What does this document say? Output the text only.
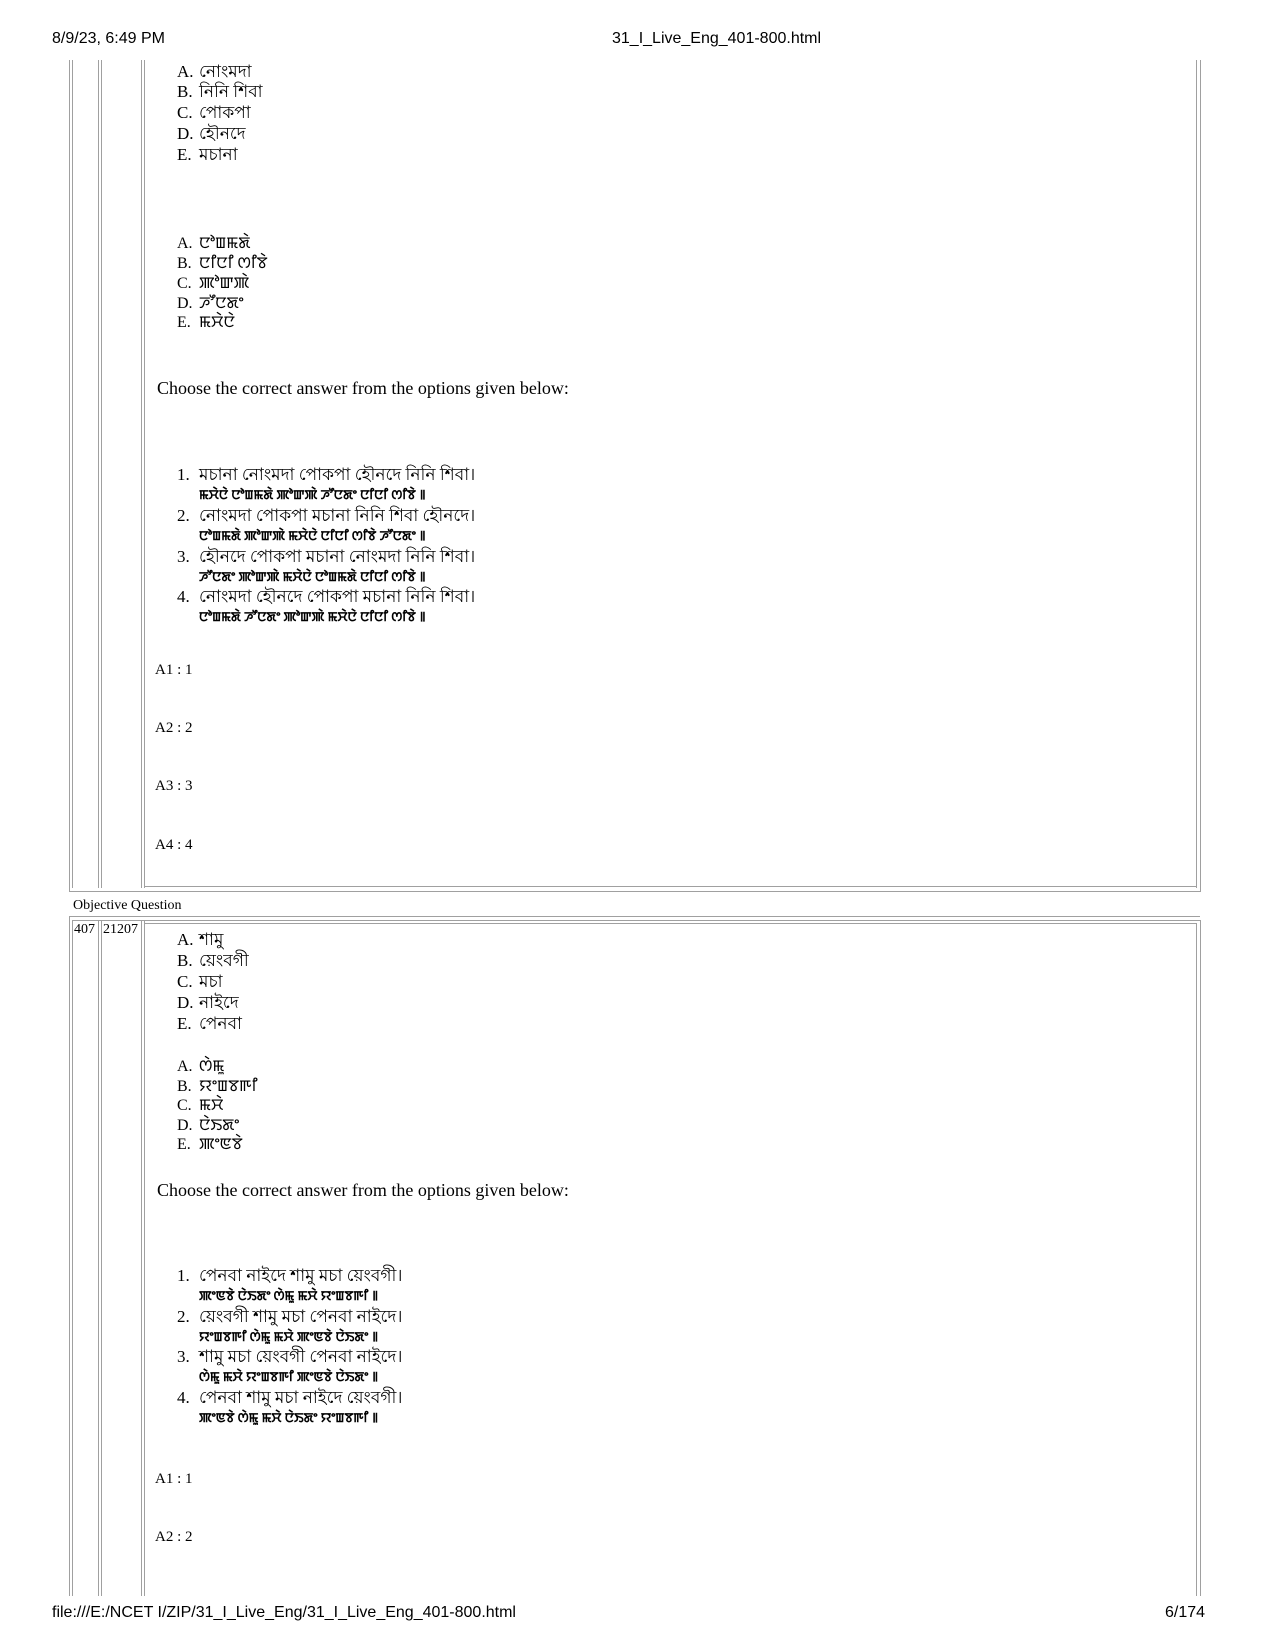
8/9/23, 6:49 PM	31_I_Live_Eng_401-800.html
file:///E:/NCET I/ZIP/31_I_Live_Eng/31_I_Live_Eng_401-800.html	6/174
A. নোংমদা
B. নিনি শিবা
C. পোকপা
D. হৌনদে
E. মচানা
A. ꯅꯣꯡꯃꯗꯥ
B. ꯅꯤꯅꯤ ꯁꯤꯕꯥ
C. ꯄꯣꯛꯄꯥ
D. ꯍꯧꯅꯗꯦ
E. ꯃꯆꯥꯅꯥ
Choose the correct answer from the options given below:
1. মচানা নোংমদা পোকপা হৌনদে নিনি শিবা।
ꯃꯆꯥꯅꯥ ꯅꯣꯡꯃꯗꯥ ꯄꯣꯛꯄꯥ ꯍꯧꯅꯗꯦ ꯅꯤꯅꯤ ꯁꯤꯕꯥ ꯫
2. নোংমদা পোকপা মচানা নিনি শিবা হৌনদে।
ꯅꯣꯡꯃꯗꯥ ꯄꯣꯛꯄꯥ ꯃꯆꯥꯅꯥ ꯅꯤꯅꯤ ꯁꯤꯕꯥ ꯍꯧꯅꯗꯦ ꯫
3. হৌনদে পোকপা মচানা নোংমদা নিনি শিবা।
ꯍꯧꯅꯗꯦ ꯄꯣꯛꯄꯥ ꯃꯆꯥꯅꯥ ꯅꯣꯡꯃꯗꯥ ꯅꯤꯅꯤ ꯁꯤꯕꯥ ꯫
4. নোংমদা হৌনদে পোকপা মচানা নিনি শিবা।
ꯅꯣꯡꯃꯗꯥ ꯍꯧꯅꯗꯦ ꯄꯣꯛꯄꯥ ꯃꯆꯥꯅꯥ ꯅꯤꯅꯤ ꯁꯤꯕꯥ ꯫
A1 : 1
A2 : 2
A3 : 3
A4 : 4
Objective Question
407 21207
A. শামু
B. য়েংবগী
C. মচা
D. নাইদে
E. পেনবা
A. ꯁꯥꯃꯨ
B. ꯌꯦꯡꯕꯒꯤ
C. ꯃꯆꯥ
D. ꯅꯥꯏꯗꯦ
E. ꯄꯦꯟꯕꯥ
Choose the correct answer from the options given below:
1. পেনবা নাইদে শামু মচা য়েংবগী।
ꯄꯦꯟꯕꯥ ꯅꯥꯏꯗꯦ ꯁꯥꯃꯨ ꯃꯆꯥ ꯌꯦꯡꯕꯒꯤ ꯫
2. য়েংবগী শামু মচা পেনবা নাইদে।
ꯌꯦꯡꯕꯒꯤ ꯁꯥꯃꯨ ꯃꯆꯥ ꯄꯦꯟꯕꯥ ꯅꯥꯏꯗꯦ ꯫
3. শামু মচা য়েংবগী পেনবা নাইদে।
ꯁꯥꯃꯨ ꯃꯆꯥ ꯌꯦꯡꯕꯒꯤ ꯄꯦꯟꯕꯥ ꯅꯥꯏꯗꯦ ꯫
4. পেনবা শামু মচা নাইদে য়েংবগী।
ꯄꯦꯟꯕꯥ ꯁꯥꯃꯨ ꯃꯆꯥ ꯅꯥꯏꯗꯦ ꯌꯦꯡꯕꯒꯤ ꯫
A1 : 1
A2 : 2
